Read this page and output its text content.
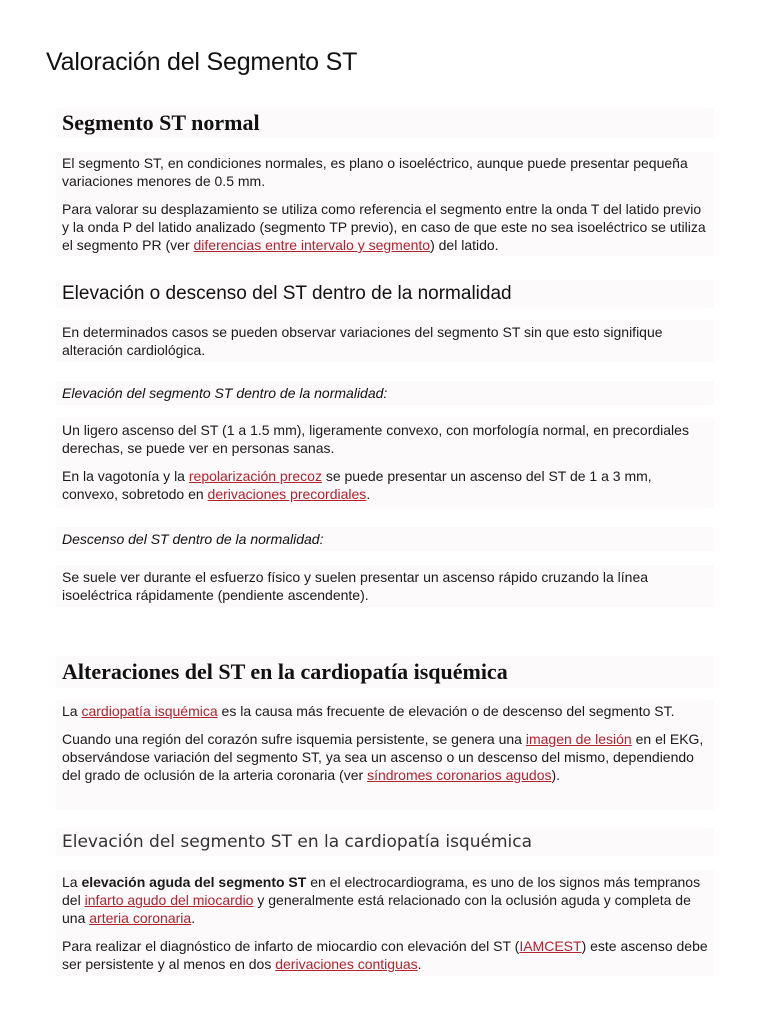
Valoración del Segmento ST
Segmento ST normal

El segmento ST, en condiciones normales, es plano o isoeléctrico, aunque puede presentar pequeña variaciones menores de 0.5 mm.

Para valorar su desplazamiento se utiliza como referencia el segmento entre la onda T del latido previo y la onda P del latido analizado (segmento TP previo), en caso de que este no sea isoeléctrico se utiliza el segmento PR (ver diferencias entre intervalo y segmento) del latido.

Elevación o descenso del ST dentro de la normalidad

En determinados casos se pueden observar variaciones del segmento ST sin que esto signifique alteración cardiológica.

Elevación del segmento ST dentro de la normalidad:

Un ligero ascenso del ST (1 a 1.5 mm), ligeramente convexo, con morfología normal, en precordiales derechas, se puede ver en personas sanas.

En la vagotonía y la repolarización precoz se puede presentar un ascenso del ST de 1 a 3 mm, convexo, sobretodo en derivaciones precordiales.

Descenso del ST dentro de la normalidad:

Se suele ver durante el esfuerzo físico y suelen presentar un ascenso rápido cruzando la línea isoeléctrica rápidamente (pendiente ascendente).

Alteraciones del ST en la cardiopatía isquémica

La cardiopatía isquémica es la causa más frecuente de elevación o de descenso del segmento ST.

Cuando una región del corazón sufre isquemia persistente, se genera una imagen de lesión en el EKG, observándose variación del segmento ST, ya sea un ascenso o un descenso del mismo, dependiendo del grado de oclusión de la arteria coronaria (ver síndromes coronarios agudos).

Elevación del segmento ST en la cardiopatía isquémica

La elevación aguda del segmento ST en el electrocardiograma, es uno de los signos más tempranos del infarto agudo del miocardio y generalmente está relacionado con la oclusión aguda y completa de una arteria coronaria.

Para realizar el diagnóstico de infarto de miocardio con elevación del ST (IAMCEST) este ascenso debe ser persistente y al menos en dos derivaciones contiguas.
